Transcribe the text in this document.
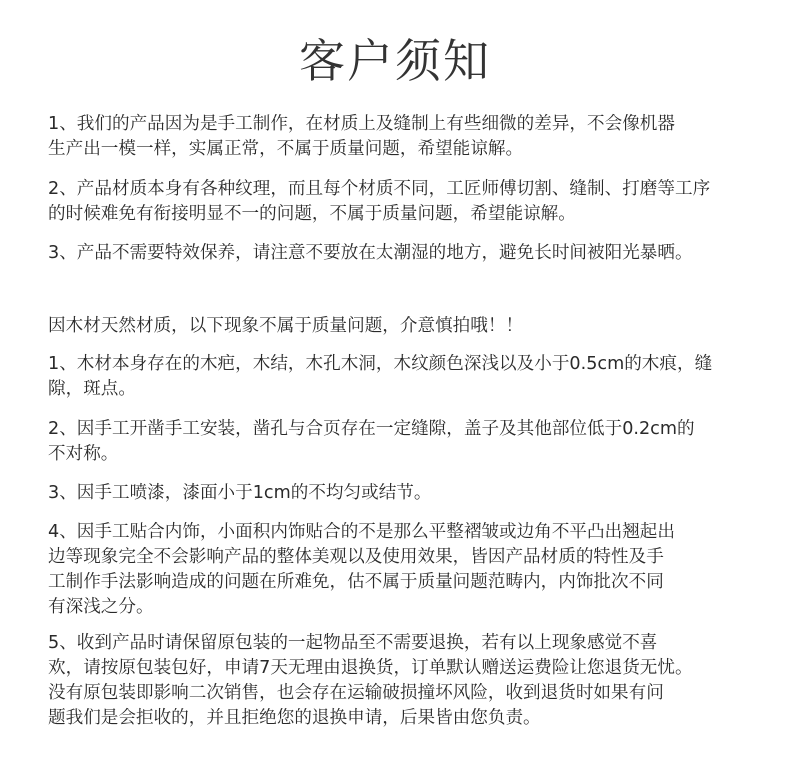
客户须知
1、我们的产品因为是手工制作，在材质上及缝制上有些细微的差异，不会像机器
生产出一模一样，实属正常，不属于质量问题，希望能谅解。
2、产品材质本身有各种纹理，而且每个材质不同，工匠师傅切割、缝制、打磨等工序
的时候难免有衔接明显不一的问题，不属于质量问题，希望能谅解。
3、产品不需要特效保养，请注意不要放在太潮湿的地方，避免长时间被阳光暴晒。
因木材天然材质，以下现象不属于质量问题，介意慎拍哦！！
1、木材本身存在的木疤，木结，木孔木洞，木纹颜色深浅以及小于0.5cm的木痕，缝
隙，斑点。
2、因手工开凿手工安装，凿孔与合页存在一定缝隙，盖子及其他部位低于0.2cm的
不对称。
3、因手工喷漆，漆面小于1cm的不均匀或结节。
4、因手工贴合内饰，小面积内饰贴合的不是那么平整褶皱或边角不平凸出翘起出
边等现象完全不会影响产品的整体美观以及使用效果，皆因产品材质的特性及手
工制作手法影响造成的问题在所难免，估不属于质量问题范畴内，内饰批次不同
有深浅之分。
5、收到产品时请保留原包装的一起物品至不需要退换，若有以上现象感觉不喜
欢，请按原包装包好，申请7天无理由退换货，订单默认赠送运费险让您退货无忧。
没有原包装即影响二次销售，也会存在运输破损撞坏风险，收到退货时如果有问
题我们是会拒收的，并且拒绝您的退换申请，后果皆由您负责。
